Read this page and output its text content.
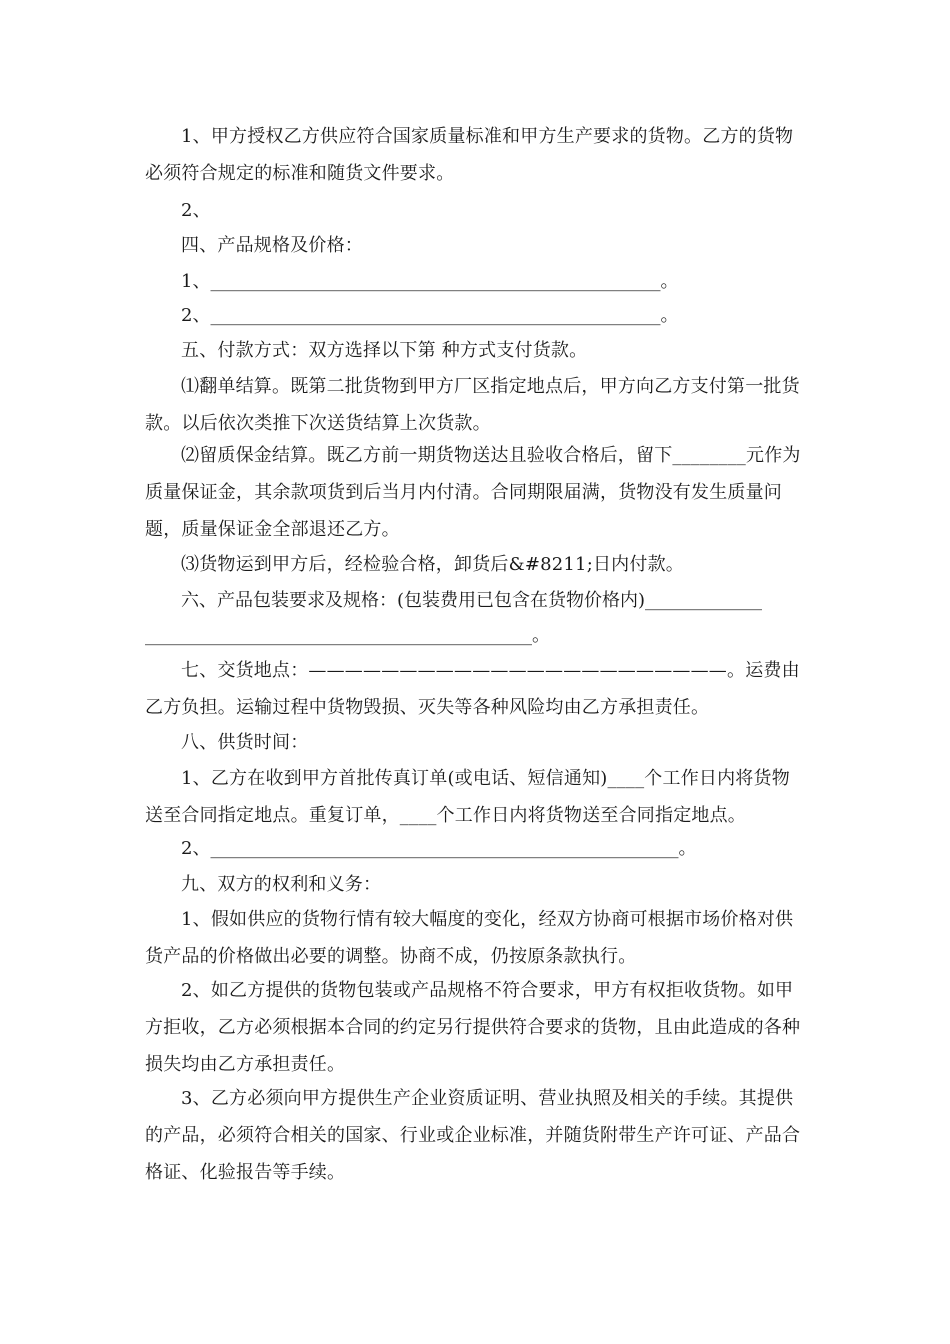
1、甲方授权乙方供应符合国家质量标准和甲方生产要求的货物。乙方的货物必须符合规定的标准和随货文件要求。

2、

四、产品规格及价格：

1、__________________________________________________。

2、__________________________________________________。

五、付款方式：双方选择以下第 种方式支付货款。

⑴翻单结算。既第二批货物到甲方厂区指定地点后，甲方向乙方支付第一批货款。以后依次类推下次送货结算上次货款。

⑵留质保金结算。既乙方前一期货物送达且验收合格后，留下________元作为质量保证金，其余款项货到后当月内付清。合同期限届满，货物没有发生质量问题，质量保证金全部退还乙方。

⑶货物运到甲方后，经检验合格，卸货后&#8211;日内付款。

六、产品包装要求及规格：(包装费用已包含在货物价格内)_____________

___________________________________________。

七、交货地点：———————————————————————。运费由乙方负担。运输过程中货物毁损、灭失等各种风险均由乙方承担责任。

八、供货时间：

1、乙方在收到甲方首批传真订单(或电话、短信通知)____个工作日内将货物送至合同指定地点。重复订单，____个工作日内将货物送至合同指定地点。

2、____________________________________________________。

九、双方的权利和义务：

1、假如供应的货物行情有较大幅度的变化，经双方协商可根据市场价格对供货产品的价格做出必要的调整。协商不成，仍按原条款执行。

2、如乙方提供的货物包装或产品规格不符合要求，甲方有权拒收货物。如甲方拒收，乙方必须根据本合同的约定另行提供符合要求的货物，且由此造成的各种损失均由乙方承担责任。

3、乙方必须向甲方提供生产企业资质证明、营业执照及相关的手续。其提供的产品，必须符合相关的国家、行业或企业标准，并随货附带生产许可证、产品合格证、化验报告等手续。
